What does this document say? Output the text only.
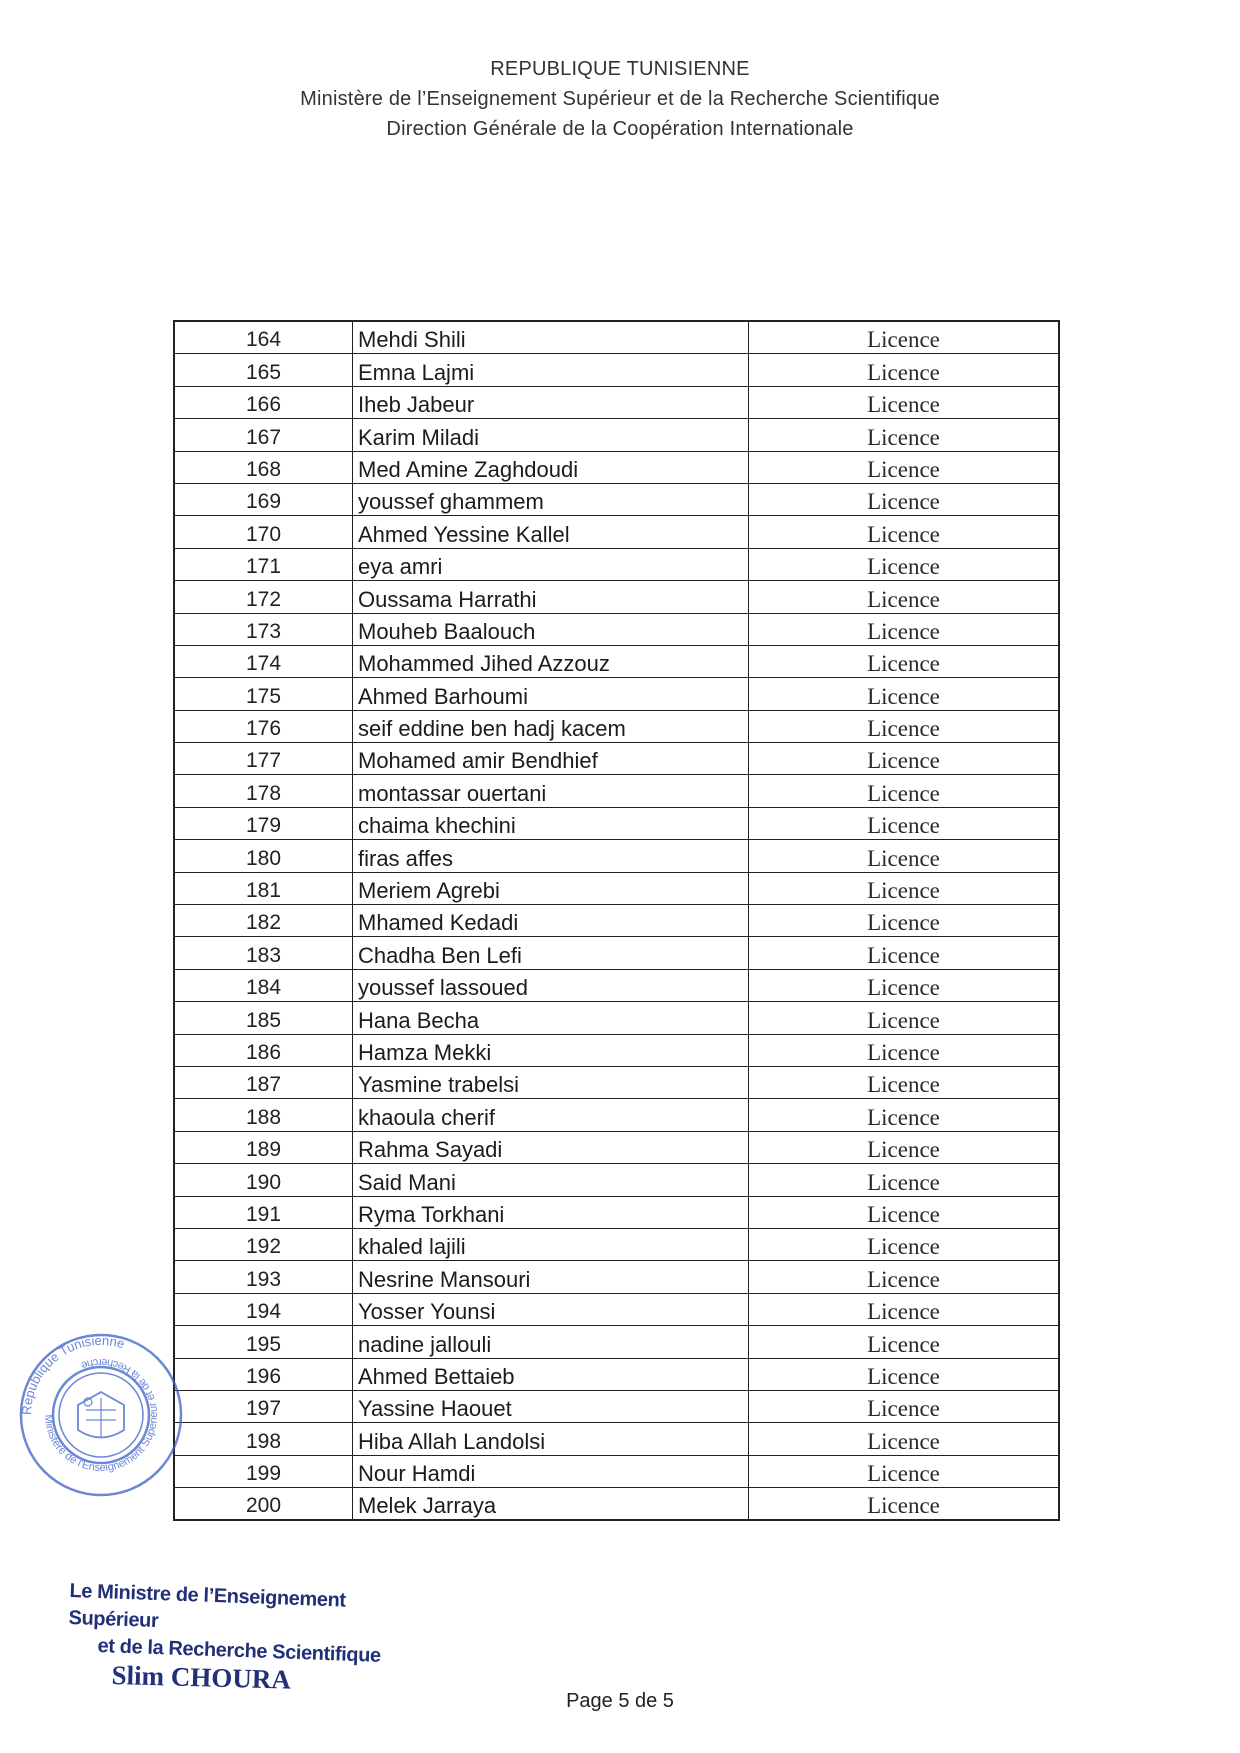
REPUBLIQUE TUNISIENNE
Ministère de l’Enseignement Supérieur et de la Recherche Scientifique
Direction Générale de la Coopération Internationale
164	Mehdi Shili	Licence
165	Emna Lajmi	Licence
166	Iheb Jabeur	Licence
167	Karim Miladi	Licence
168	Med Amine Zaghdoudi	Licence
169	youssef ghammem	Licence
170	Ahmed Yessine Kallel	Licence
171	eya amri	Licence
172	Oussama Harrathi	Licence
173	Mouheb Baalouch	Licence
174	Mohammed Jihed Azzouz	Licence
175	Ahmed Barhoumi	Licence
176	seif eddine ben hadj kacem	Licence
177	Mohamed amir Bendhief	Licence
178	montassar ouertani	Licence
179	chaima khechini	Licence
180	firas affes	Licence
181	Meriem Agrebi	Licence
182	Mhamed Kedadi	Licence
183	Chadha Ben Lefi	Licence
184	youssef lassoued	Licence
185	Hana Becha	Licence
186	Hamza Mekki	Licence
187	Yasmine trabelsi	Licence
188	khaoula cherif	Licence
189	Rahma Sayadi	Licence
190	Said Mani	Licence
191	Ryma Torkhani	Licence
192	khaled lajili	Licence
193	Nesrine Mansouri	Licence
194	Yosser Younsi	Licence
195	nadine jallouli	Licence
196	Ahmed Bettaieb	Licence
197	Yassine Haouet	Licence
198	Hiba Allah Landolsi	Licence
199	Nour Hamdi	Licence
200	Melek Jarraya	Licence
Republique Tunisienne
Ministère de l'Enseignement Supérieur et de la Recherche
Le Ministre de l’Enseignement Supérieur
et de la Recherche Scientifique
Slim CHOURA
Page 5 de 5
